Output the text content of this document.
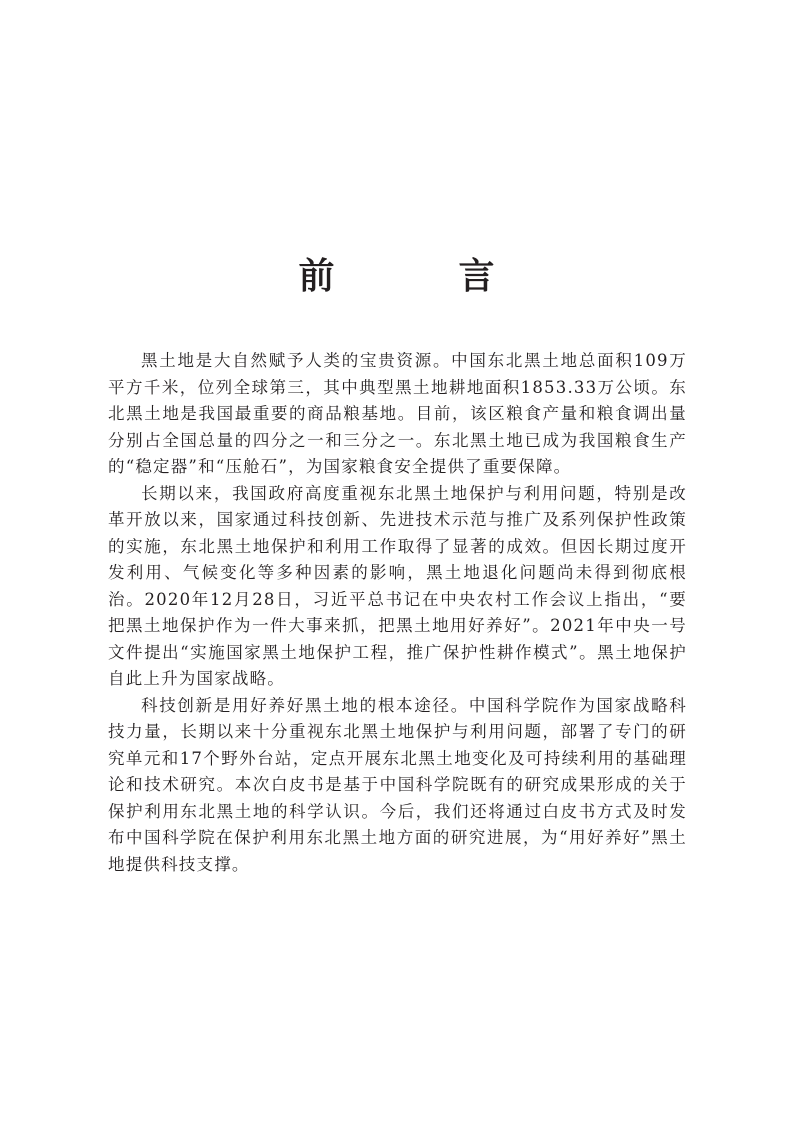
前　言

黑土地是大自然赋予人类的宝贵资源。中国东北黑土地总面积109万平方千米，位列全球第三，其中典型黑土地耕地面积1853.33万公顷。东北黑土地是我国最重要的商品粮基地。目前，该区粮食产量和粮食调出量分别占全国总量的四分之一和三分之一。东北黑土地已成为我国粮食生产的“稳定器”和“压舱石”，为国家粮食安全提供了重要保障。

长期以来，我国政府高度重视东北黑土地保护与利用问题，特别是改革开放以来，国家通过科技创新、先进技术示范与推广及系列保护性政策的实施，东北黑土地保护和利用工作取得了显著的成效。但因长期过度开发利用、气候变化等多种因素的影响，黑土地退化问题尚未得到彻底根治。2020年12月28日，习近平总书记在中央农村工作会议上指出，“要把黑土地保护作为一件大事来抓，把黑土地用好养好”。2021年中央一号文件提出“实施国家黑土地保护工程，推广保护性耕作模式”。黑土地保护自此上升为国家战略。

科技创新是用好养好黑土地的根本途径。中国科学院作为国家战略科技力量，长期以来十分重视东北黑土地保护与利用问题，部署了专门的研究单元和17个野外台站，定点开展东北黑土地变化及可持续利用的基础理论和技术研究。本次白皮书是基于中国科学院既有的研究成果形成的关于保护利用东北黑土地的科学认识。今后，我们还将通过白皮书方式及时发布中国科学院在保护利用东北黑土地方面的研究进展，为“用好养好”黑土地提供科技支撑。
